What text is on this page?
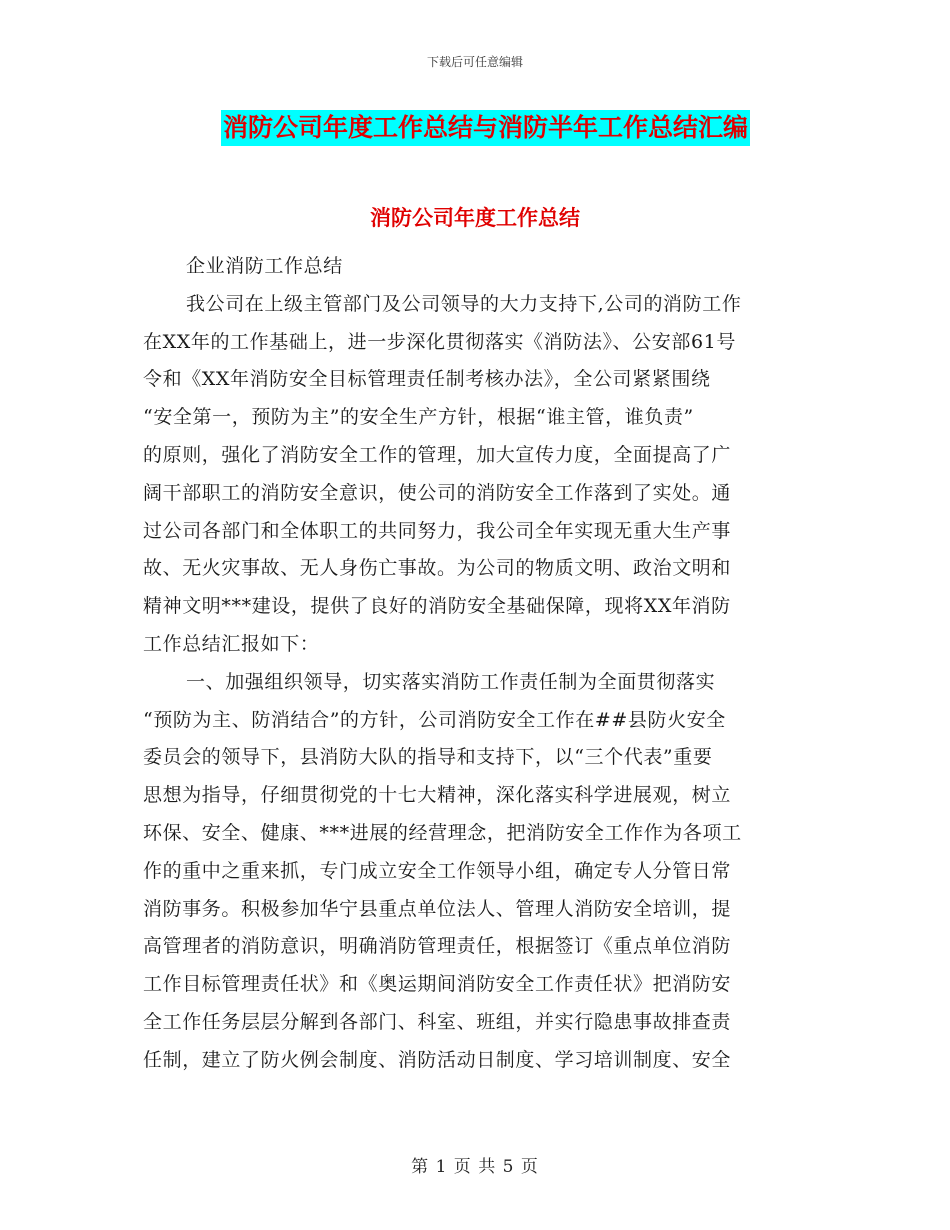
下载后可任意编辑
消防公司年度工作总结与消防半年工作总结汇编
消防公司年度工作总结
企业消防工作总结
我公司在上级主管部门及公司领导的大力支持下,公司的消防工作
在XX年的工作基础上，进一步深化贯彻落实《消防法》、公安部61号
令和《XX年消防安全目标管理责任制考核办法》，全公司紧紧围绕
“安全第一，预防为主”的安全生产方针，根据“谁主管，谁负责”
的原则，强化了消防安全工作的管理，加大宣传力度，全面提高了广
阔干部职工的消防安全意识，使公司的消防安全工作落到了实处。通
过公司各部门和全体职工的共同努力，我公司全年实现无重大生产事
故、无火灾事故、无人身伤亡事故。为公司的物质文明、政治文明和
精神文明***建设，提供了良好的消防安全基础保障，现将XX年消防
工作总结汇报如下：
一、加强组织领导，切实落实消防工作责任制为全面贯彻落实
“预防为主、防消结合”的方针，公司消防安全工作在##县防火安全
委员会的领导下，县消防大队的指导和支持下，以“三个代表”重要
思想为指导，仔细贯彻党的十七大精神，深化落实科学进展观，树立
环保、安全、健康、***进展的经营理念，把消防安全工作作为各项工
作的重中之重来抓，专门成立安全工作领导小组，确定专人分管日常
消防事务。积极参加华宁县重点单位法人、管理人消防安全培训，提
高管理者的消防意识，明确消防管理责任，根据签订《重点单位消防
工作目标管理责任状》和《奥运期间消防安全工作责任状》把消防安
全工作任务层层分解到各部门、科室、班组，并实行隐患事故排查责
任制，建立了防火例会制度、消防活动日制度、学习培训制度、安全
第 1 页 共 5 页
